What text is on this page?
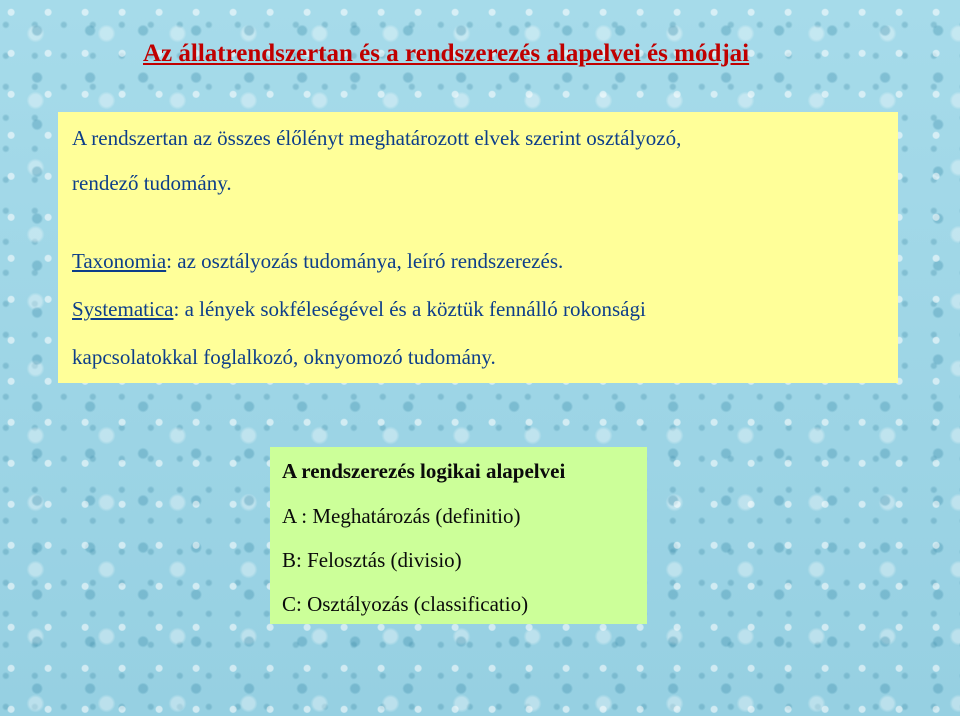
Az állatrendszertan és a rendszerezés alapelvei és módjai
A rendszertan az összes élőlényt meghatározott elvek szerint osztályozó,
rendező tudomány.
Taxonomia: az osztályozás tudománya, leíró rendszerezés.
Systematica: a lények sokféleségével és a köztük fennálló rokonsági
kapcsolatokkal foglalkozó, oknyomozó tudomány.
A rendszerezés logikai alapelvei
A : Meghatározás (definitio)
B: Felosztás (divisio)
C: Osztályozás (classificatio)
